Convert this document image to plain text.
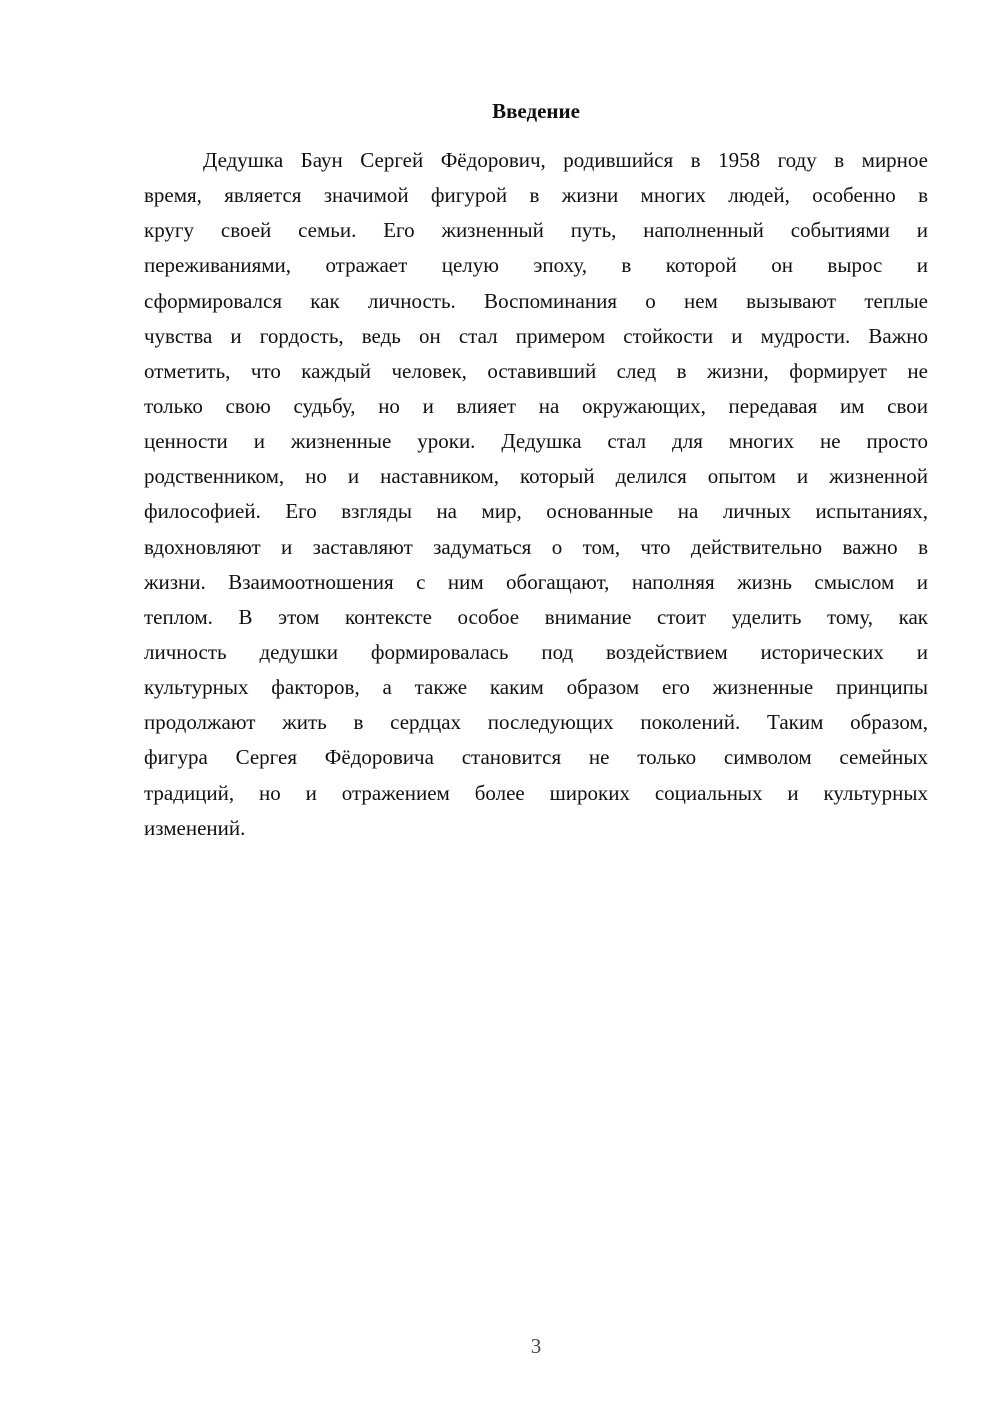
Введение
Дедушка Баун Сергей Фёдорович, родившийся в 1958 году в мирное
время, является значимой фигурой в жизни многих людей, особенно в
кругу своей семьи. Его жизненный путь, наполненный событиями и
переживаниями, отражает целую эпоху, в которой он вырос и
сформировался как личность. Воспоминания о нем вызывают теплые
чувства и гордость, ведь он стал примером стойкости и мудрости. Важно
отметить, что каждый человек, оставивший след в жизни, формирует не
только свою судьбу, но и влияет на окружающих, передавая им свои
ценности и жизненные уроки. Дедушка стал для многих не просто
родственником, но и наставником, который делился опытом и жизненной
философией. Его взгляды на мир, основанные на личных испытаниях,
вдохновляют и заставляют задуматься о том, что действительно важно в
жизни. Взаимоотношения с ним обогащают, наполняя жизнь смыслом и
теплом. В этом контексте особое внимание стоит уделить тому, как
личность дедушки формировалась под воздействием исторических и
культурных факторов, а также каким образом его жизненные принципы
продолжают жить в сердцах последующих поколений. Таким образом,
фигура Сергея Фёдоровича становится не только символом семейных
традиций, но и отражением более широких социальных и культурных
изменений.
3
